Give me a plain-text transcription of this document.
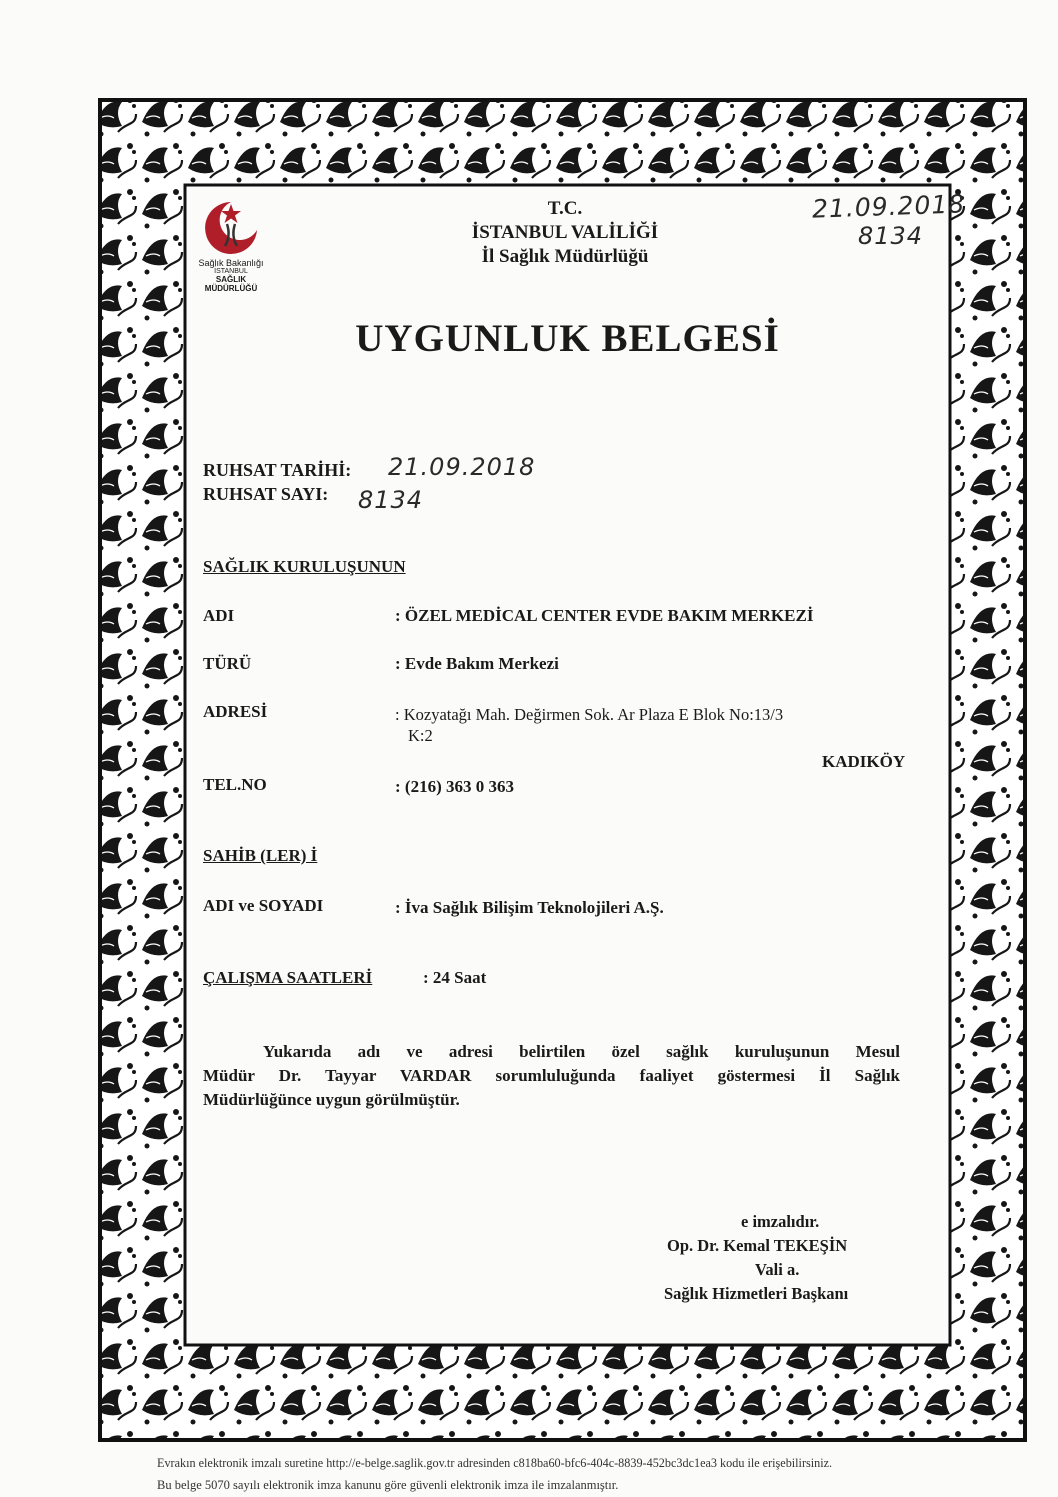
Sağlık Bakanlığı
İSTANBUL
SAĞLIK
MÜDÜRLÜĞÜ
T.C.
İSTANBUL VALİLİĞİ
İl Sağlık Müdürlüğü
21.09.2018
8134
UYGUNLUK BELGESİ
RUHSAT TARİHİ: 21.09.2018
RUHSAT SAYI: 8134
SAĞLIK KURULUŞUNUN
ADI	: ÖZEL MEDİCAL CENTER EVDE BAKIM MERKEZİ
TÜRÜ	: Evde Bakım Merkezi
ADRESİ	: Kozyatağı Mah. Değirmen Sok. Ar Plaza E Blok No:13/3
K:2
KADIKÖY
TEL.NO	: (216) 363 0 363
SAHİB (LER) İ
ADI ve SOYADI	: İva Sağlık Bilişim Teknolojileri A.Ş.
ÇALIŞMA SAATLERİ	: 24 Saat
Yukarıda adı ve adresi belirtilen özel sağlık kuruluşunun Mesul
Müdür Dr. Tayyar VARDAR sorumluluğunda faaliyet göstermesi İl Sağlık
Müdürlüğünce uygun görülmüştür.
e imzalıdır.
Op. Dr. Kemal TEKEŞİN
Vali a.
Sağlık Hizmetleri Başkanı
Evrakın elektronik imzalı suretine http://e-belge.saglik.gov.tr adresinden c818ba60-bfc6-404c-8839-452bc3dc1ea3 kodu ile erişebilirsiniz.
Bu belge 5070 sayılı elektronik imza kanunu göre güvenli elektronik imza ile imzalanmıştır.
